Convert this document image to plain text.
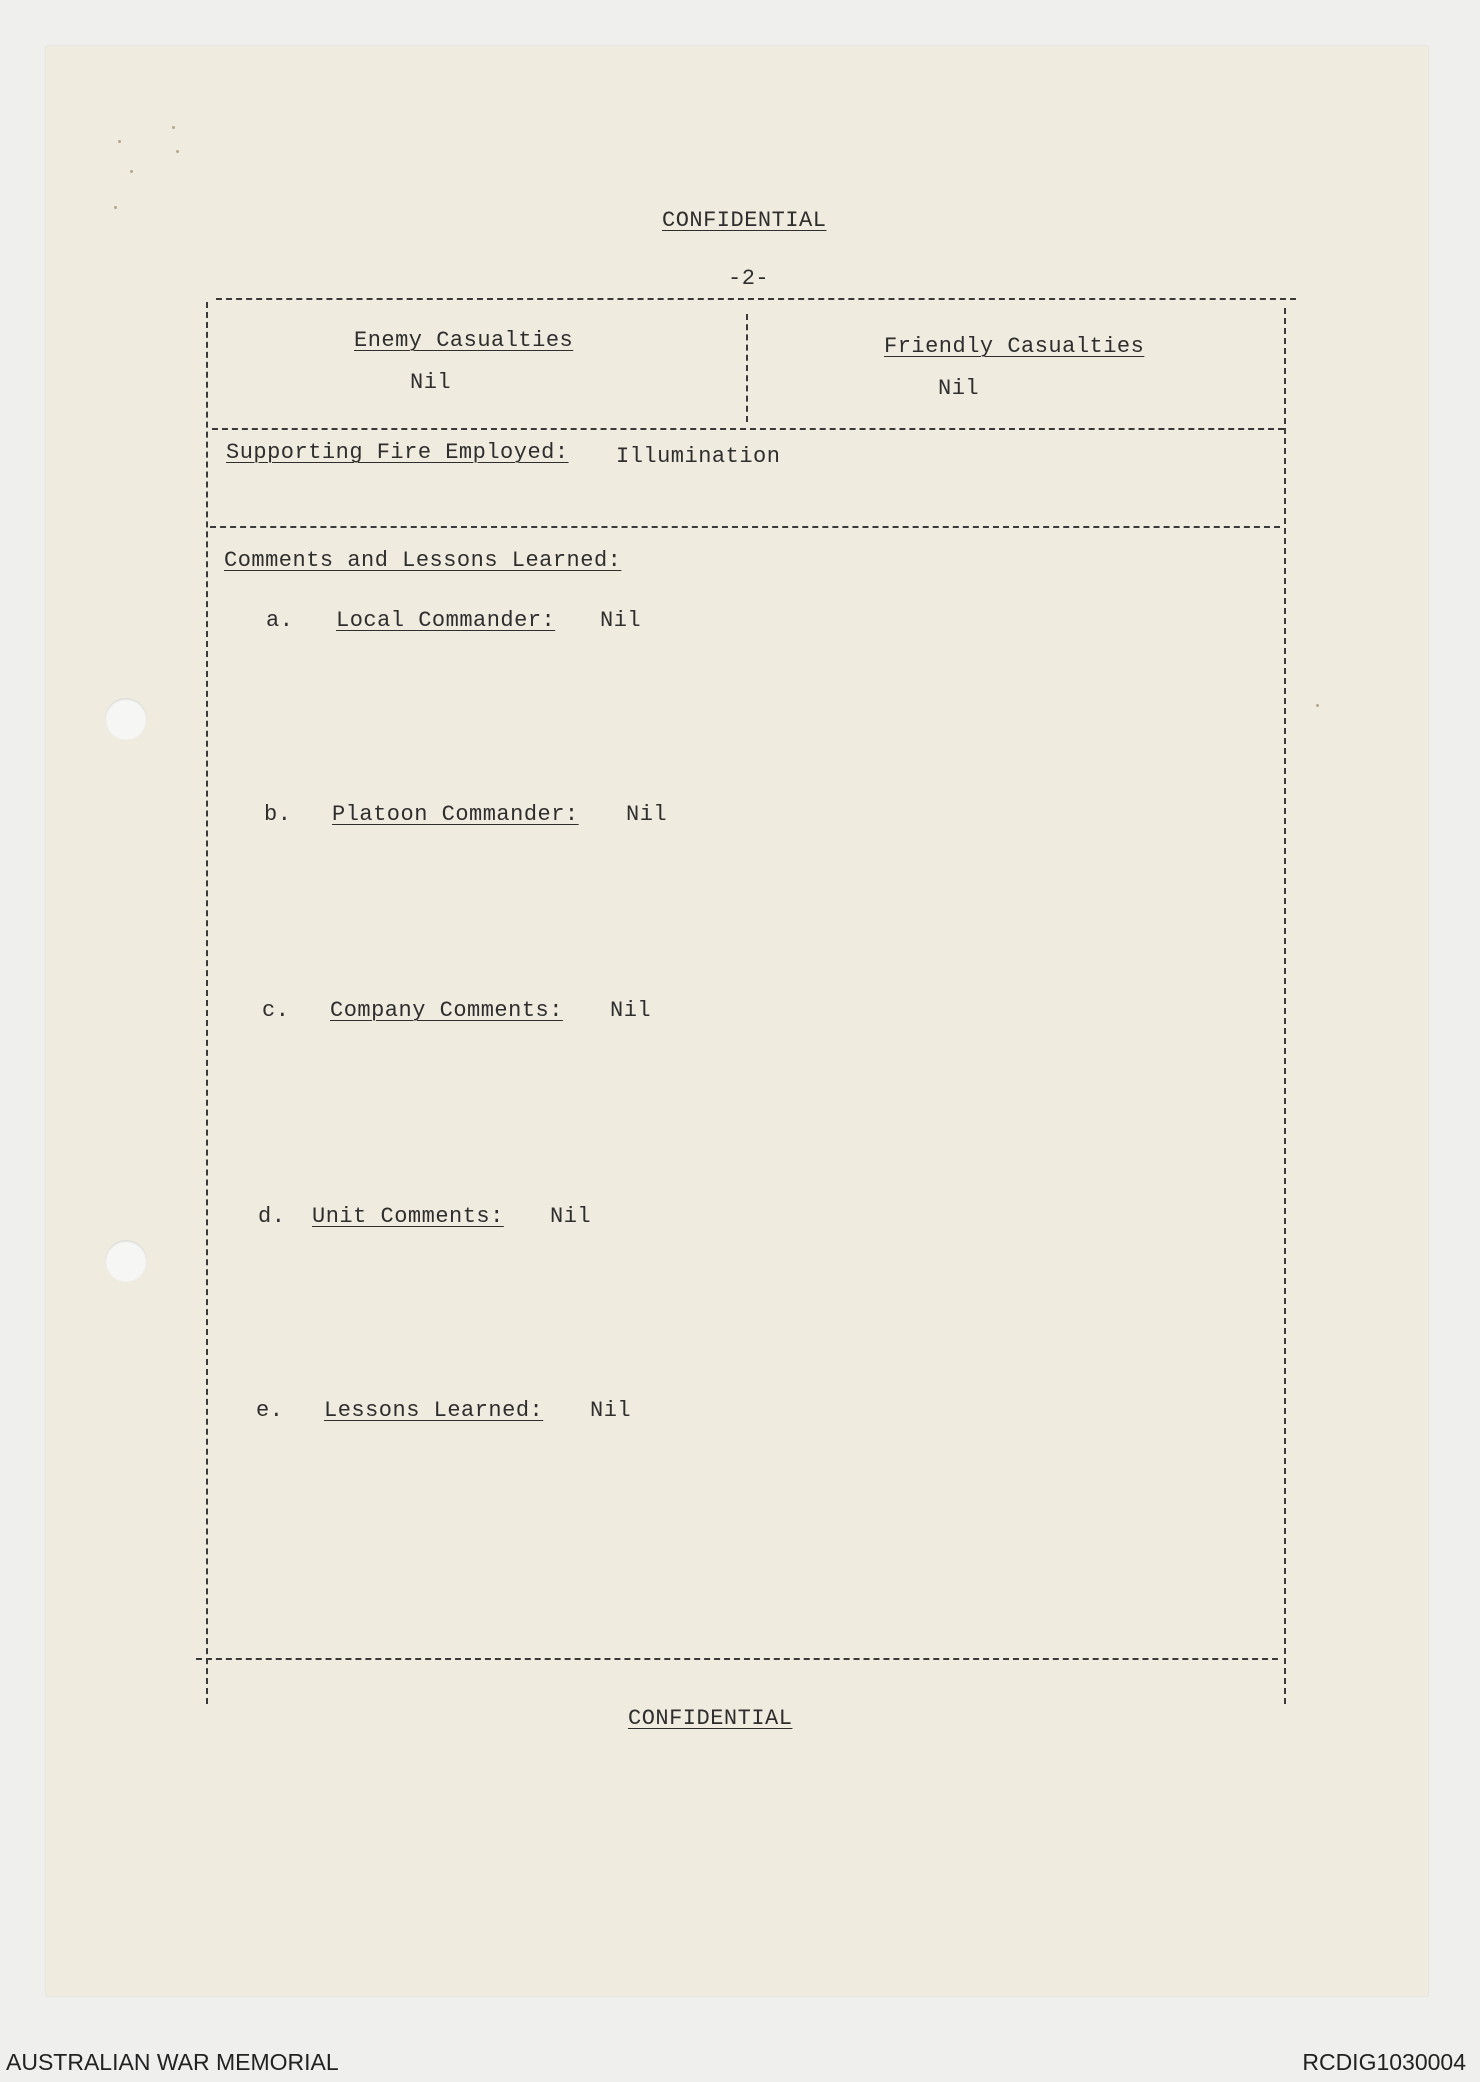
CONFIDENTIAL
-2-
Enemy Casualties
Nil
Friendly Casualties
Nil
Supporting Fire Employed: Illumination
Comments and Lessons Learned:
a. Local Commander: Nil
b. Platoon Commander: Nil
c. Company Comments: Nil
d. Unit Comments: Nil
e. Lessons Learned: Nil
CONFIDENTIAL
AUSTRALIAN WAR MEMORIAL	RCDIG1030004
